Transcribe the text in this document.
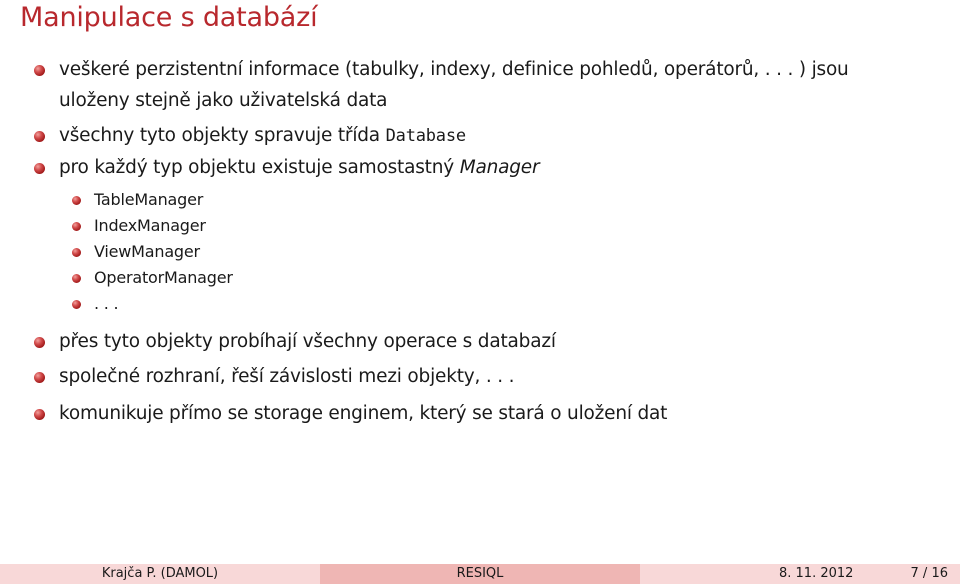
Manipulace s databází
veškeré perzistentní informace (tabulky, indexy, definice pohledů, operátorů, . . . ) jsou
uloženy stejně jako uživatelská data
všechny tyto objekty spravuje třída Database
pro každý typ objektu existuje samostastný Manager
TableManager
IndexManager
ViewManager
OperatorManager
. . .
přes tyto objekty probíhají všechny operace s databazí
společné rozhraní, řeší závislosti mezi objekty, . . .
komunikuje přímo se storage enginem, který se stará o uložení dat
Krajča P. (DAMOL)	RESIQL	8. 11. 2012	7 / 16
